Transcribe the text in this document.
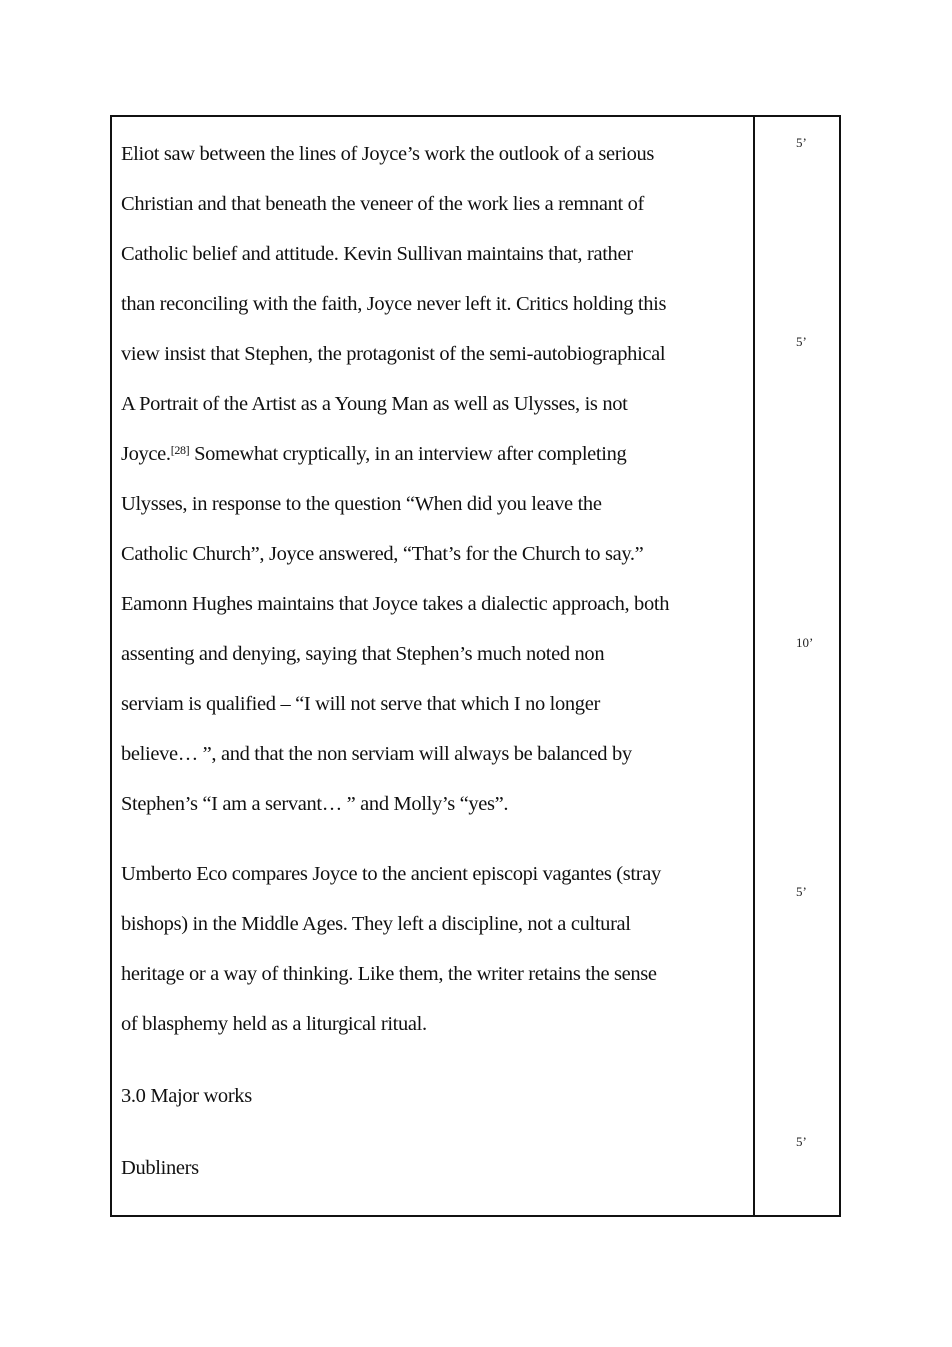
Eliot saw between the lines of Joyce’s work the outlook of a serious
Christian and that beneath the veneer of the work lies a remnant of
Catholic belief and attitude. Kevin Sullivan maintains that, rather
than reconciling with the faith, Joyce never left it. Critics holding this
view insist that Stephen, the protagonist of the semi-autobiographical
A Portrait of the Artist as a Young Man as well as Ulysses, is not
Joyce.[28] Somewhat cryptically, in an interview after completing
Ulysses, in response to the question “When did you leave the
Catholic Church”, Joyce answered, “That’s for the Church to say.”
Eamonn Hughes maintains that Joyce takes a dialectic approach, both
assenting and denying, saying that Stephen’s much noted non
serviam is qualified – “I will not serve that which I no longer
believe… ”, and that the non serviam will always be balanced by
Stephen’s “I am a servant… ” and Molly’s “yes”.
Umberto Eco compares Joyce to the ancient episcopi vagantes (stray
bishops) in the Middle Ages. They left a discipline, not a cultural
heritage or a way of thinking. Like them, the writer retains the sense
of blasphemy held as a liturgical ritual.
3.0 Major works
Dubliners
5’
5’
10’
5’
5’
